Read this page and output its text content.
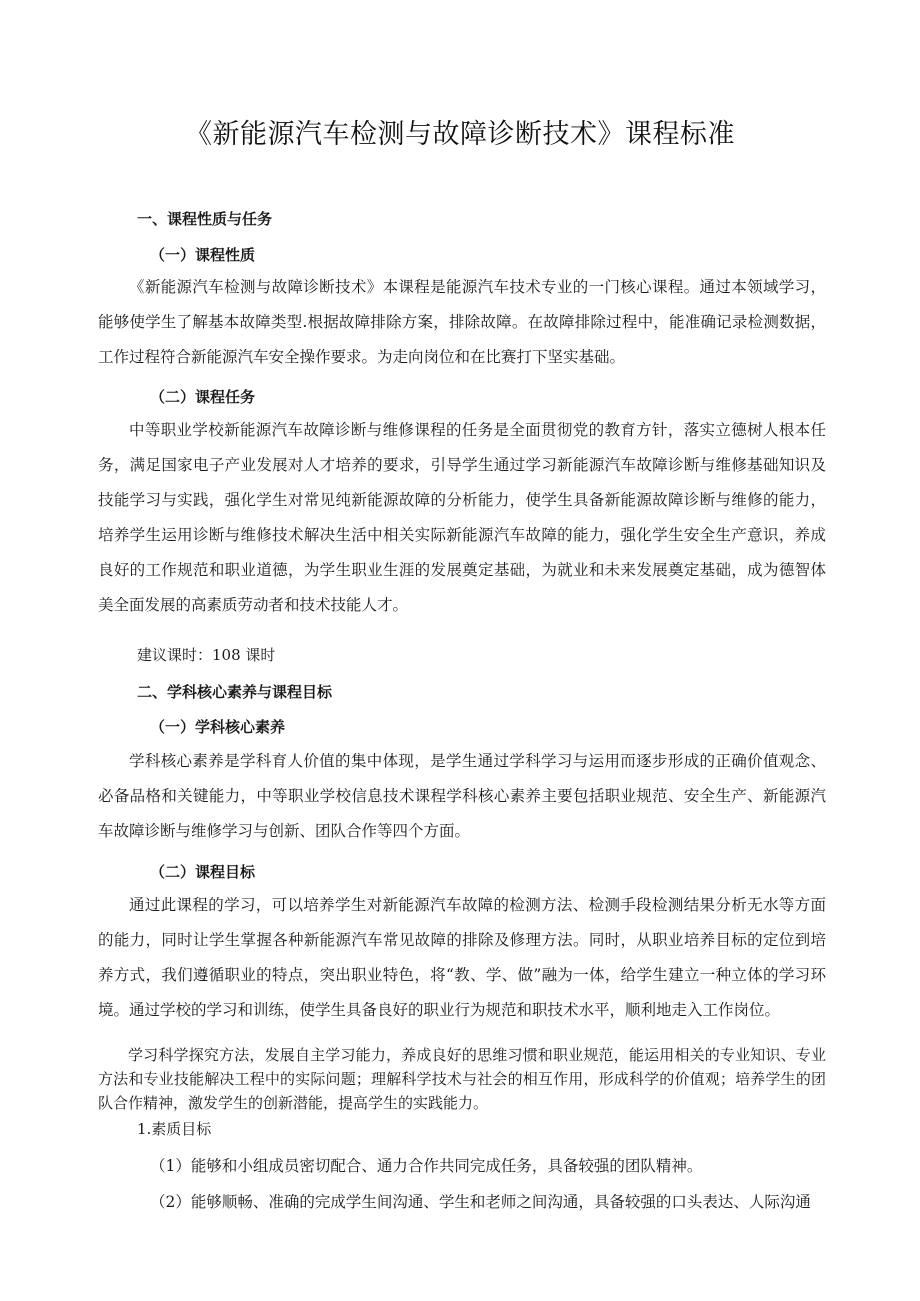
《新能源汽车检测与故障诊断技术》课程标准
一、课程性质与任务
（一）课程性质

《新能源汽车检测与故障诊断技术》本课程是能源汽车技术专业的一门核心课程。通过本领域学习，能够使学生了解基本故障类型.根据故障排除方案，排除故障。在故障排除过程中，能准确记录检测数据，工作过程符合新能源汽车安全操作要求。为走向岗位和在比赛打下坚实基础。

（二）课程任务

中等职业学校新能源汽车故障诊断与维修课程的任务是全面贯彻党的教育方针，落实立德树人根本任务，满足国家电子产业发展对人才培养的要求，引导学生通过学习新能源汽车故障诊断与维修基础知识及技能学习与实践，强化学生对常见纯新能源故障的分析能力，使学生具备新能源故障诊断与维修的能力，培养学生运用诊断与维修技术解决生活中相关实际新能源汽车故障的能力，强化学生安全生产意识，养成良好的工作规范和职业道德，为学生职业生涯的发展奠定基础，为就业和未来发展奠定基础，成为德智体美全面发展的高素质劳动者和技术技能人才。

建议课时：108 课时
二、学科核心素养与课程目标
（一）学科核心素养

学科核心素养是学科育人价值的集中体现，是学生通过学科学习与运用而逐步形成的正确价值观念、必备品格和关键能力，中等职业学校信息技术课程学科核心素养主要包括职业规范、安全生产、新能源汽车故障诊断与维修学习与创新、团队合作等四个方面。

（二）课程目标

通过此课程的学习，可以培养学生对新能源汽车故障的检测方法、检测手段检测结果分析无水等方面的能力，同时让学生掌握各种新能源汽车常见故障的排除及修理方法。同时，从职业培养目标的定位到培养方式，我们遵循职业的特点，突出职业特色，将“教、学、做”融为一体，给学生建立一种立体的学习环境。通过学校的学习和训练，使学生具备良好的职业行为规范和职技术水平，顺利地走入工作岗位。

学习科学探究方法，发展自主学习能力，养成良好的思维习惯和职业规范，能运用相关的专业知识、专业方法和专业技能解决工程中的实际问题；理解科学技术与社会的相互作用，形成科学的价值观；培养学生的团队合作精神，激发学生的创新潜能，提高学生的实践能力。

1.素质目标
（1）能够和小组成员密切配合、通力合作共同完成任务，具备较强的团队精神。
（2）能够顺畅、准确的完成学生间沟通、学生和老师之间沟通，具备较强的口头表达、人际沟通
